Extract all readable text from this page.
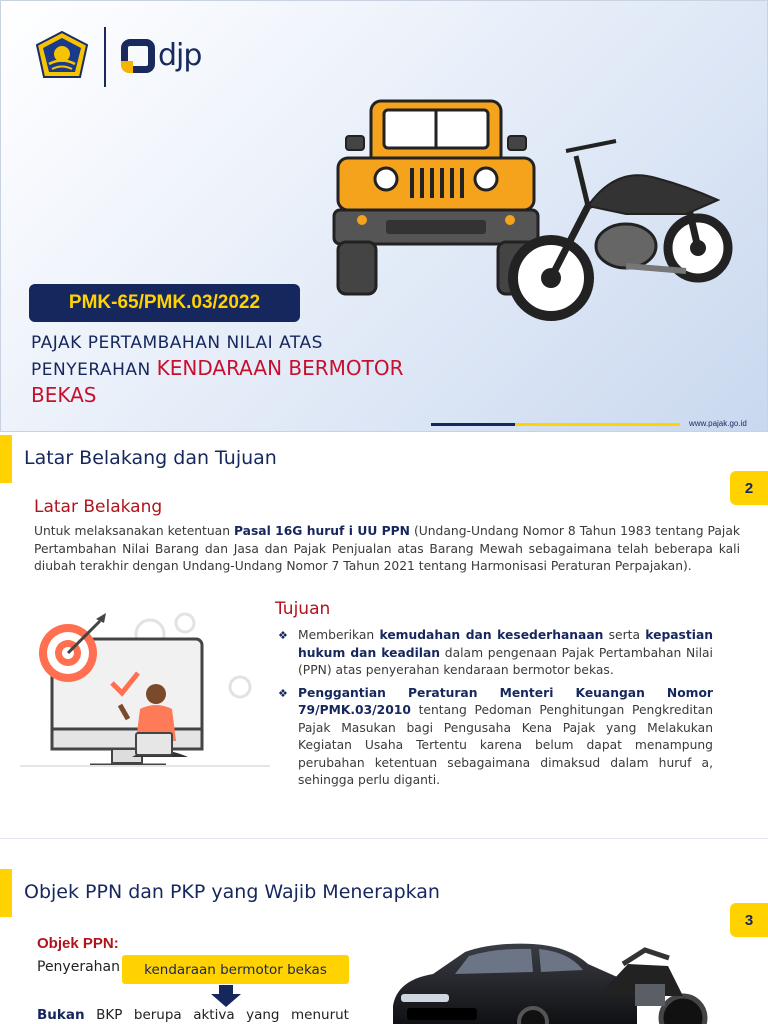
djp
PMK-65/PMK.03/2022
PAJAK PERTAMBAHAN NILAI ATAS
PENYERAHAN KENDARAAN BERMOTOR
BEKAS
www.pajak.go.id
Latar Belakang dan Tujuan
2
Latar Belakang

Untuk melaksanakan ketentuan Pasal 16G huruf i UU PPN (Undang-Undang Nomor 8 Tahun 1983 tentang Pajak Pertambahan Nilai Barang dan Jasa dan Pajak Penjualan atas Barang Mewah sebagaimana telah beberapa kali diubah terakhir dengan Undang-Undang Nomor 7 Tahun 2021 tentang Harmonisasi Peraturan Perpajakan).

Tujuan
❖ Memberikan kemudahan dan kesederhanaan serta kepastian hukum dan keadilan dalam pengenaan Pajak Pertambahan Nilai (PPN) atas penyerahan kendaraan bermotor bekas.
❖ Penggantian Peraturan Menteri Keuangan Nomor 79/PMK.03/2010 tentang Pedoman Penghitungan Pengkreditan Pajak Masukan bagi Pengusaha Kena Pajak yang Melakukan Kegiatan Usaha Tertentu karena belum dapat menampung perubahan ketentuan sebagaimana dimaksud dalam huruf a, sehingga perlu diganti.
Objek PPN dan PKP yang Wajib Menerapkan
3
Objek PPN:
Penyerahan	kendaraan bermotor bekas
Bukan BKP berupa aktiva yang menurut
